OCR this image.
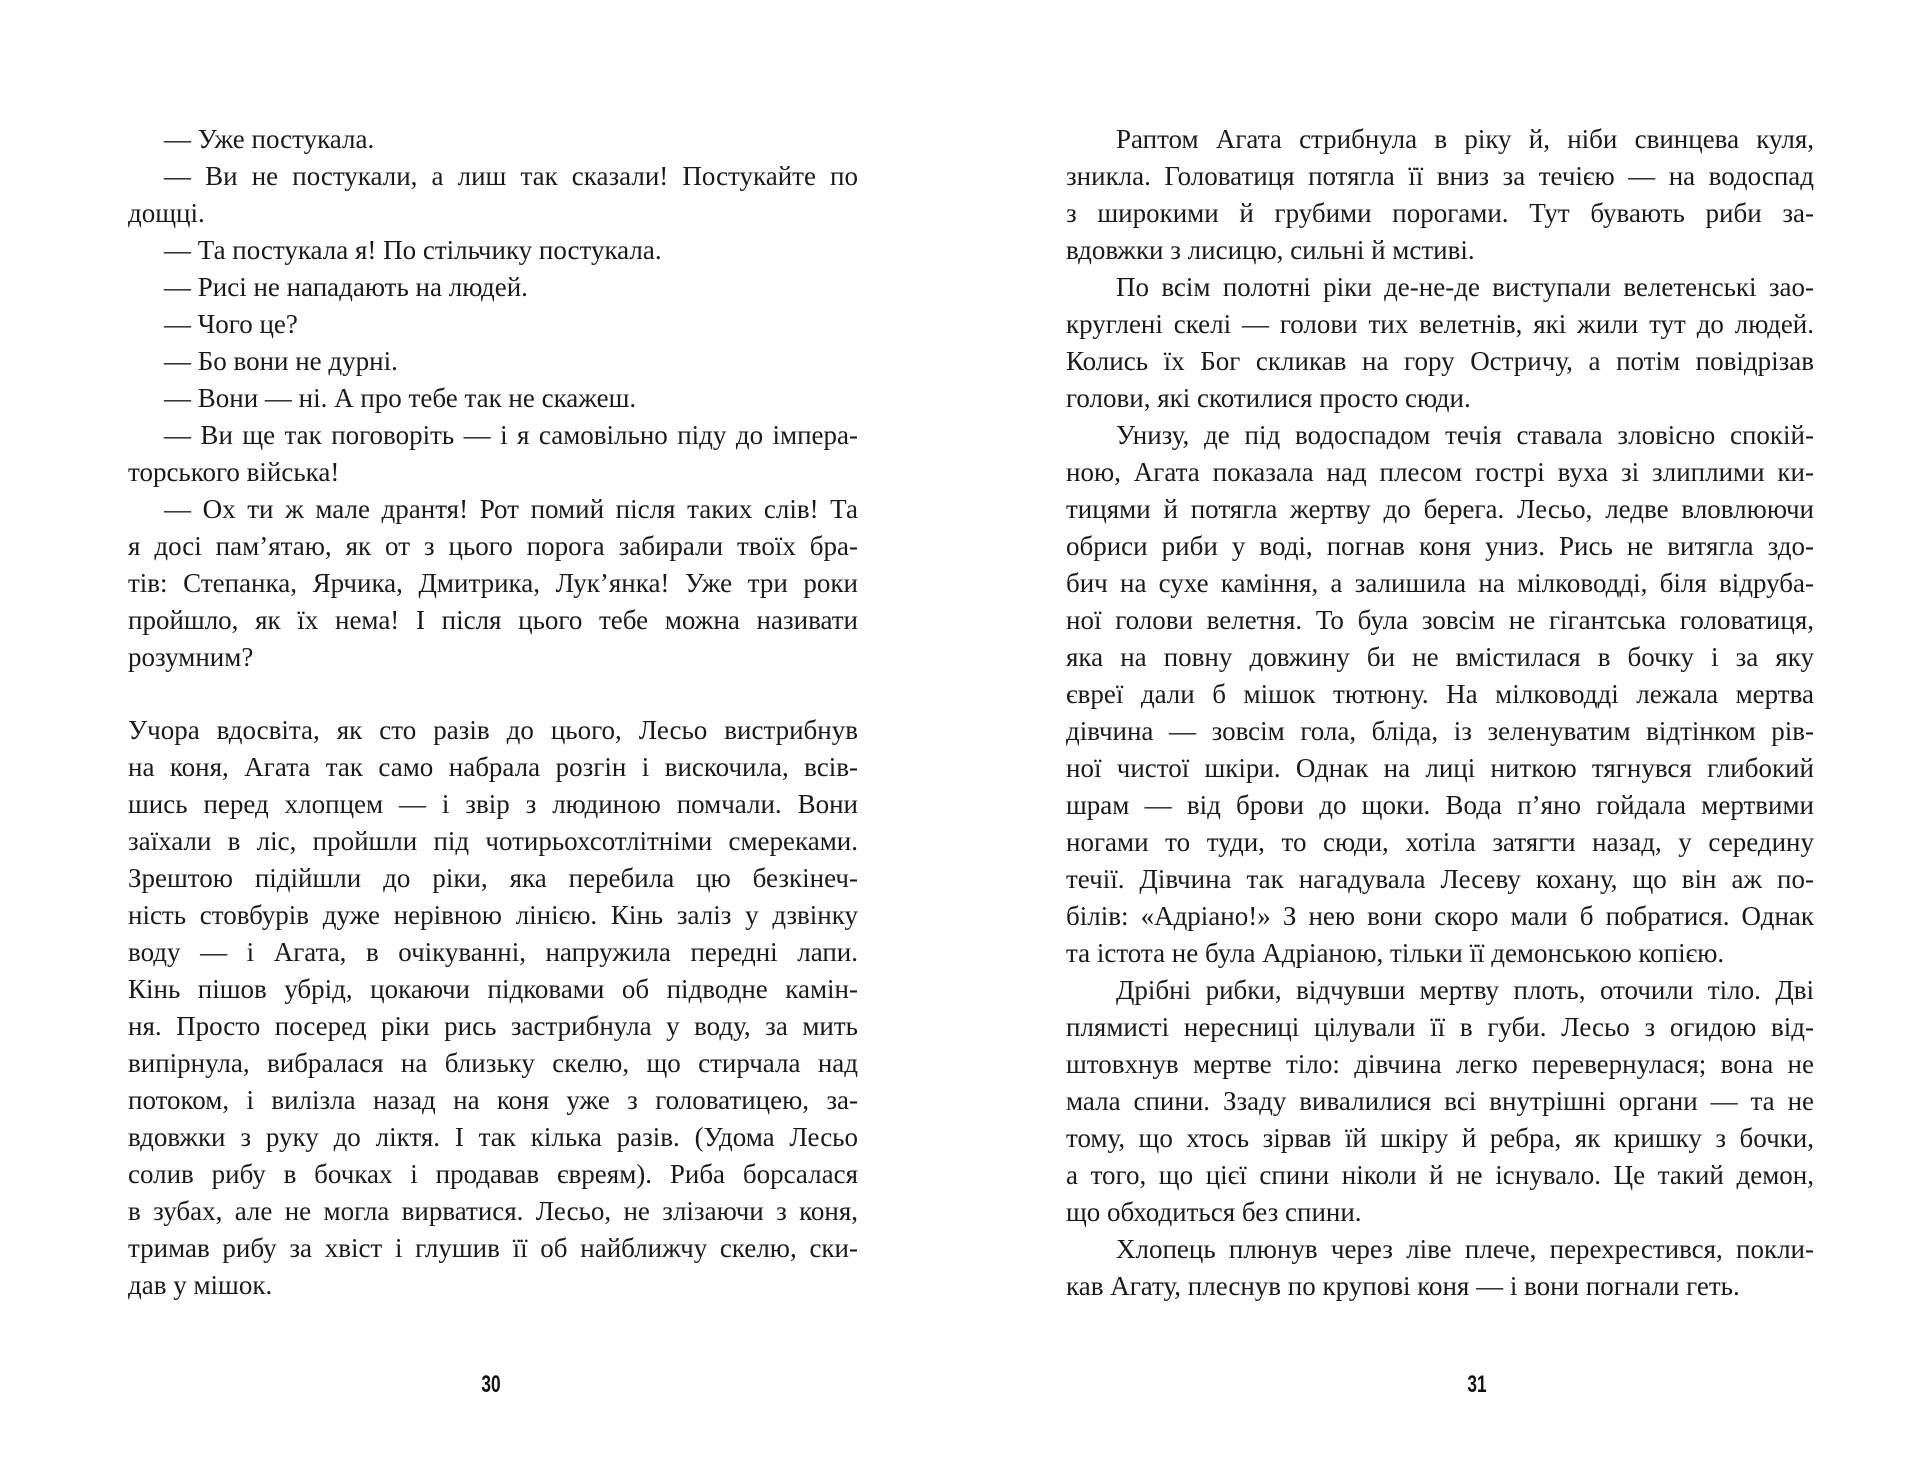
— Уже постукала.
— Ви не постукали, а лиш так сказали! Постукайте по
дощці.
— Та постукала я! По стільчику постукала.
— Рисі не нападають на людей.
— Чого це?
— Бо вони не дурні.
— Вони — ні. А про тебе так не скажеш.
— Ви ще так поговоріть — і я самовільно піду до імпера-
торського війська!
— Ох ти ж мале дрантя! Рот помий після таких слів! Та
я досі пам’ятаю, як от з цього порога забирали твоїх бра-
тів: Степанка, Ярчика, Дмитрика, Лук’янка! Уже три роки
пройшло, як їх нема! І після цього тебе можна називати
розумним?
Учора вдосвіта, як сто разів до цього, Лесьо вистрибнув
на коня, Агата так само набрала розгін і вискочила, всів-
шись перед хлопцем — і звір з людиною помчали. Вони
заїхали в ліс, пройшли під чотирьохсотлітніми смереками.
Зрештою підійшли до ріки, яка перебила цю безкінеч-
ність стовбурів дуже нерівною лінією. Кінь заліз у дзвінку
воду — і Агата, в очікуванні, напружила передні лапи.
Кінь пішов убрід, цокаючи підковами об підводне камін-
ня. Просто посеред ріки рись застрибнула у воду, за мить
випірнула, вибралася на близьку скелю, що стирчала над
потоком, і вилізла назад на коня уже з головатицею, за-
вдовжки з руку до ліктя. І так кілька разів. (Удома Лесьо
солив рибу в бочках і продавав євреям). Риба борсалася
в зубах, але не могла вирватися. Лесьо, не злізаючи з коня,
тримав рибу за хвіст і глушив її об найближчу скелю, ски-
дав у мішок.
30
Раптом Агата стрибнула в ріку й, ніби свинцева куля,
зникла. Головатиця потягла її вниз за течією — на водоспад
з широкими й грубими порогами. Тут бувають риби за-
вдовжки з лисицю, сильні й мстиві.
По всім полотні ріки де-не-де виступали велетенські зао-
круглені скелі — голови тих велетнів, які жили тут до людей.
Колись їх Бог скликав на гору Остричу, а потім повідрізав
голови, які скотилися просто сюди.
Унизу, де під водоспадом течія ставала зловісно спокій-
ною, Агата показала над плесом гострі вуха зі злиплими ки-
тицями й потягла жертву до берега. Лесьо, ледве вловлюючи
обриси риби у воді, погнав коня униз. Рись не витягла здо-
бич на сухе каміння, а залишила на мілководді, біля відруба-
ної голови велетня. То була зовсім не гігантська головатиця,
яка на повну довжину би не вмістилася в бочку і за яку
євреї дали б мішок тютюну. На мілководді лежала мертва
дівчина — зовсім гола, бліда, із зеленуватим відтінком рів-
ної чистої шкіри. Однак на лиці ниткою тягнувся глибокий
шрам — від брови до щоки. Вода п’яно гойдала мертвими
ногами то туди, то сюди, хотіла затягти назад, у середину
течії. Дівчина так нагадувала Лесеву кохану, що він аж по-
білів: «Адріано!» З нею вони скоро мали б побратися. Однак
та істота не була Адріаною, тільки її демонською копією.
Дрібні рибки, відчувши мертву плоть, оточили тіло. Дві
плямисті нересниці цілували її в губи. Лесьо з огидою від-
штовхнув мертве тіло: дівчина легко перевернулася; вона не
мала спини. Ззаду вивалилися всі внутрішні органи — та не
тому, що хтось зірвав їй шкіру й ребра, як кришку з бочки,
а того, що цієї спини ніколи й не існувало. Це такий демон,
що обходиться без спини.
Хлопець плюнув через ліве плече, перехрестився, покли-
кав Агату, плеснув по крупові коня — і вони погнали геть.
31
